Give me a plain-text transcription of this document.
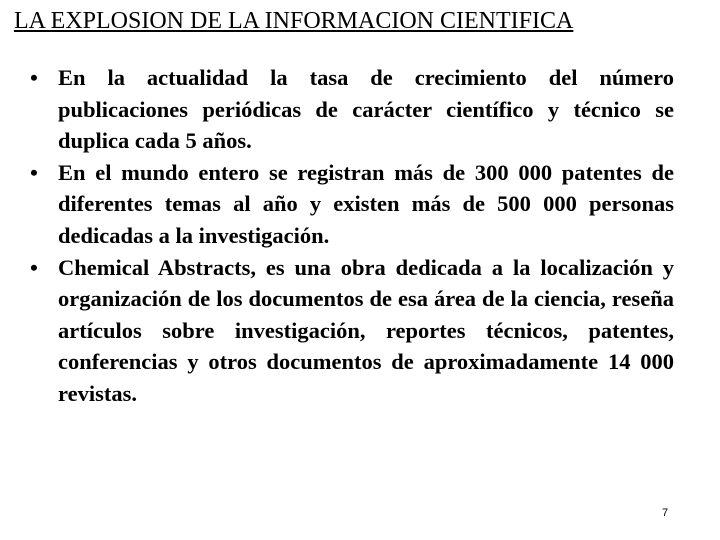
LA EXPLOSION DE LA INFORMACION CIENTIFICA
• En la actualidad la tasa de crecimiento del número publicaciones periódicas de carácter científico y técnico se duplica cada 5 años.
• En el mundo entero se registran más de 300 000 patentes de diferentes temas al año y existen más de 500 000 personas dedicadas a la investigación.
• Chemical Abstracts, es una obra dedicada a la localización y organización de los documentos de esa área de la ciencia, reseña artículos sobre investigación, reportes técnicos, patentes, conferencias y otros documentos de aproximadamente 14 000 revistas.
7
